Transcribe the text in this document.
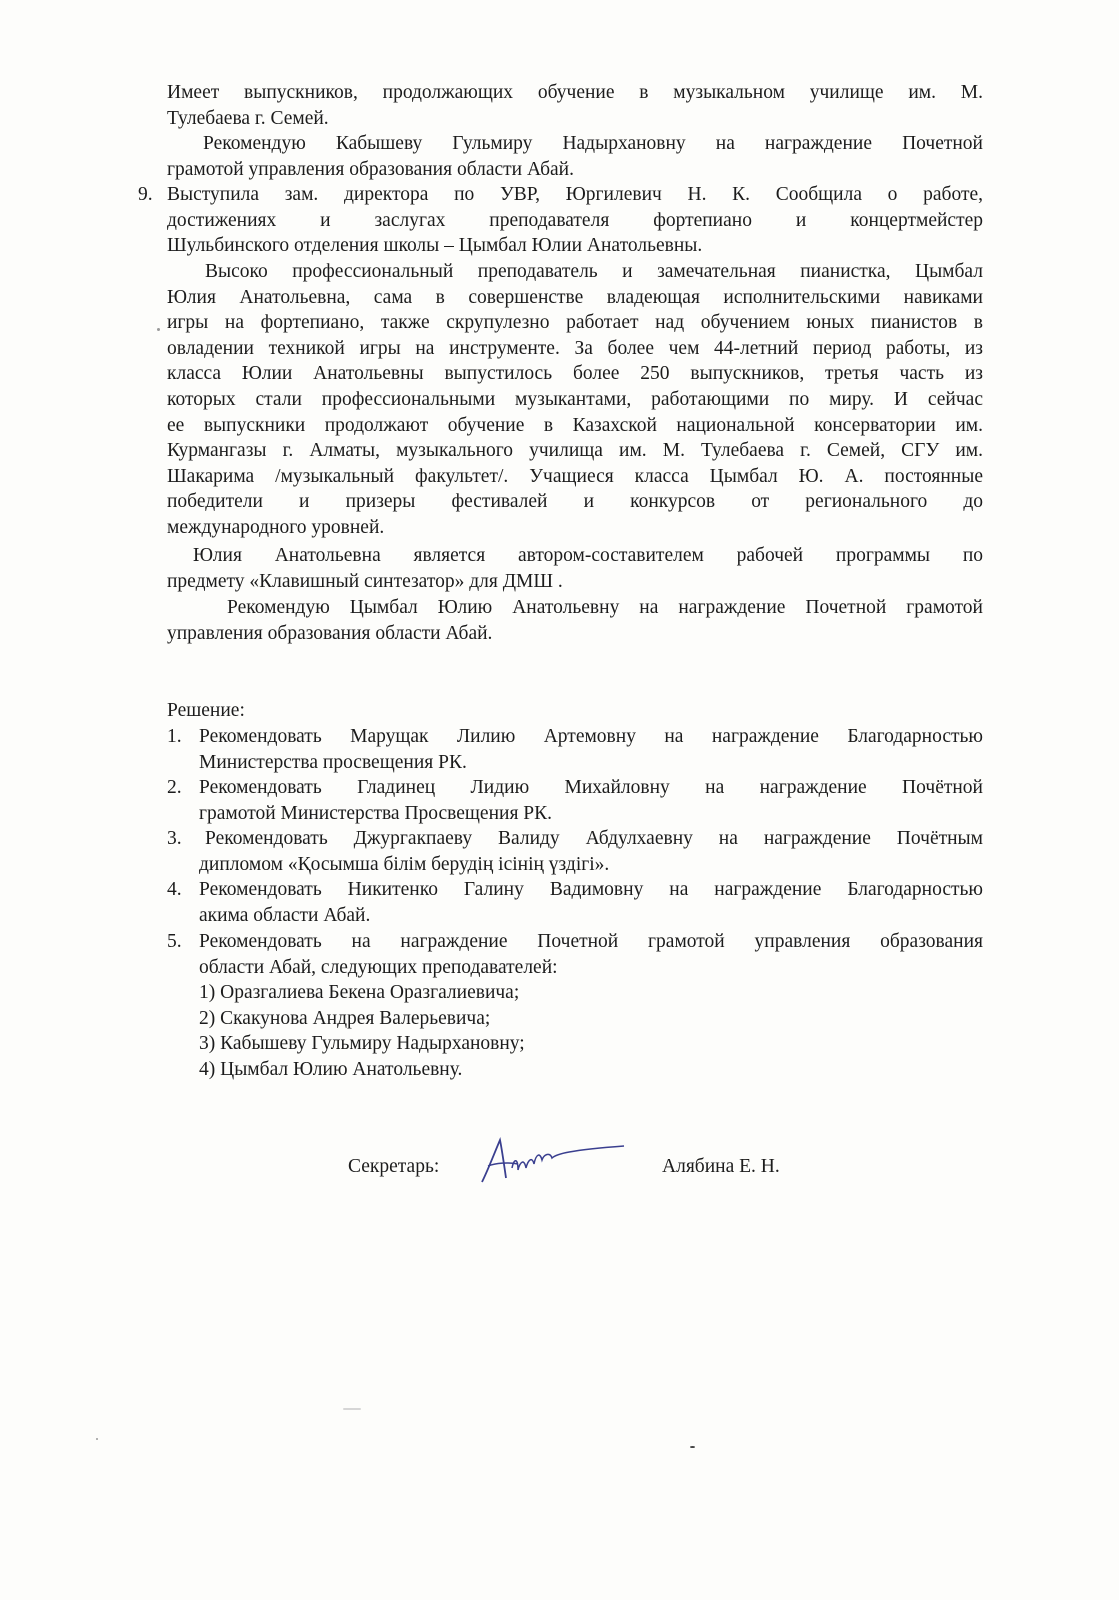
Имеет выпускников, продолжающих обучение в музыкальном училище им. М.
Тулебаева г. Семей.
Рекомендую Кабышеву Гульмиру Надырхановну на награждение Почетной
грамотой управления образования области Абай.
9. Выступила зам. директора по УВР, Юргилевич Н. К. Сообщила о работе,
достижениях и заслугах преподавателя фортепиано и концертмейстер
Шульбинского отделения школы – Цымбал Юлии Анатольевны.
Высоко профессиональный преподаватель и замечательная пианистка, Цымбал
Юлия Анатольевна, сама в совершенстве владеющая исполнительскими навиками
игры на фортепиано, также скрупулезно работает над обучением юных пианистов в
овладении техникой игры на инструменте. За более чем 44-летний период работы, из
класса Юлии Анатольевны выпустилось более 250 выпускников, третья часть из
которых стали профессиональными музыкантами, работающими по миру. И сейчас
ее выпускники продолжают обучение в Казахской национальной консерватории им.
Курмангазы г. Алматы, музыкального училища им. М. Тулебаева г. Семей, СГУ им.
Шакарима /музыкальный факультет/. Учащиеся класса Цымбал Ю. А. постоянные
победители и призеры фестивалей и конкурсов от регионального до
международного уровней.
Юлия Анатольевна является автором-составителем рабочей программы по
предмету «Клавишный синтезатор» для ДМШ .
Рекомендую Цымбал Юлию Анатольевну на награждение Почетной грамотой
управления образования области Абай.
Решение:
1. Рекомендовать Марущак Лилию Артемовну на награждение Благодарностью
Министерства просвещения РК.
2. Рекомендовать Гладинец Лидию Михайловну на награждение Почётной
грамотой Министерства Просвещения РК.
3.	Рекомендовать Джургакпаеву Валиду Абдулхаевну на награждение Почётным
дипломом «Қосымша білім берудің ісінің үздігі».
4. Рекомендовать Никитенко Галину Вадимовну на награждение Благодарностью
акима области Абай.
5. Рекомендовать на награждение Почетной грамотой управления образования
области Абай, следующих преподавателей:
1) Оразгалиева Бекена Оразгалиевича;
2) Скакунова Андрея Валерьевича;
3) Кабышеву Гульмиру Надырхановну;
4) Цымбал Юлию Анатольевну.
Секретарь:	Алябина Е. Н.
